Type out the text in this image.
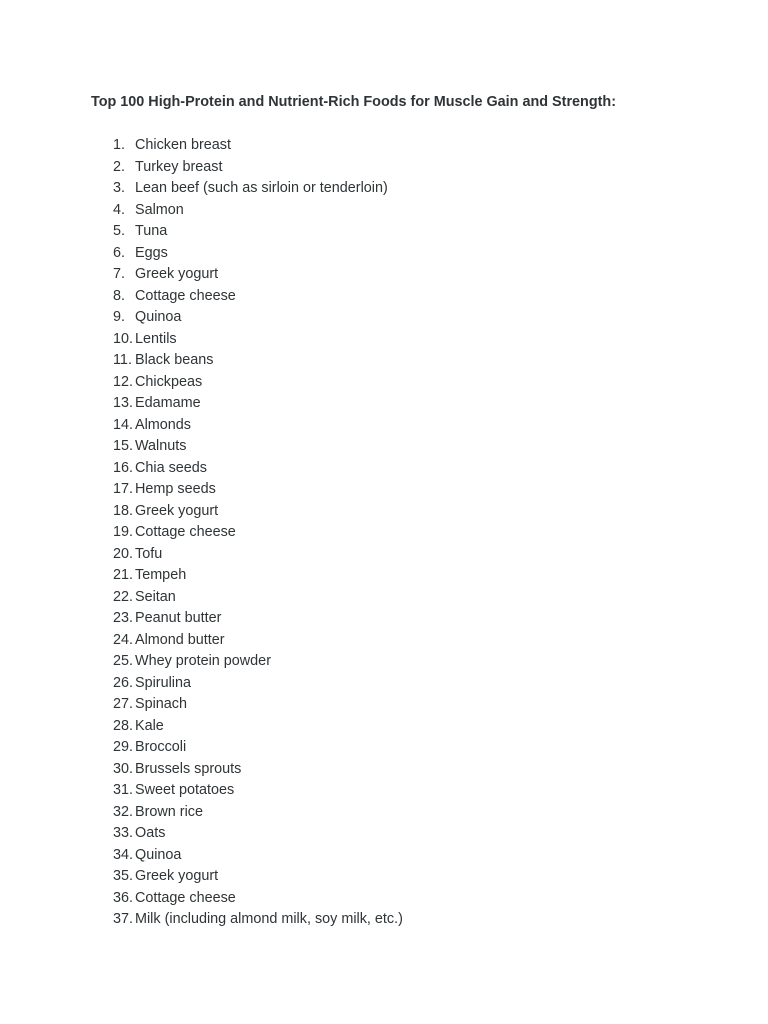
Top 100 High-Protein and Nutrient-Rich Foods for Muscle Gain and Strength:
1. Chicken breast
2. Turkey breast
3. Lean beef (such as sirloin or tenderloin)
4. Salmon
5. Tuna
6. Eggs
7. Greek yogurt
8. Cottage cheese
9. Quinoa
10. Lentils
11. Black beans
12. Chickpeas
13. Edamame
14. Almonds
15. Walnuts
16. Chia seeds
17. Hemp seeds
18. Greek yogurt
19. Cottage cheese
20. Tofu
21. Tempeh
22. Seitan
23. Peanut butter
24. Almond butter
25. Whey protein powder
26. Spirulina
27. Spinach
28. Kale
29. Broccoli
30. Brussels sprouts
31. Sweet potatoes
32. Brown rice
33. Oats
34. Quinoa
35. Greek yogurt
36. Cottage cheese
37. Milk (including almond milk, soy milk, etc.)
